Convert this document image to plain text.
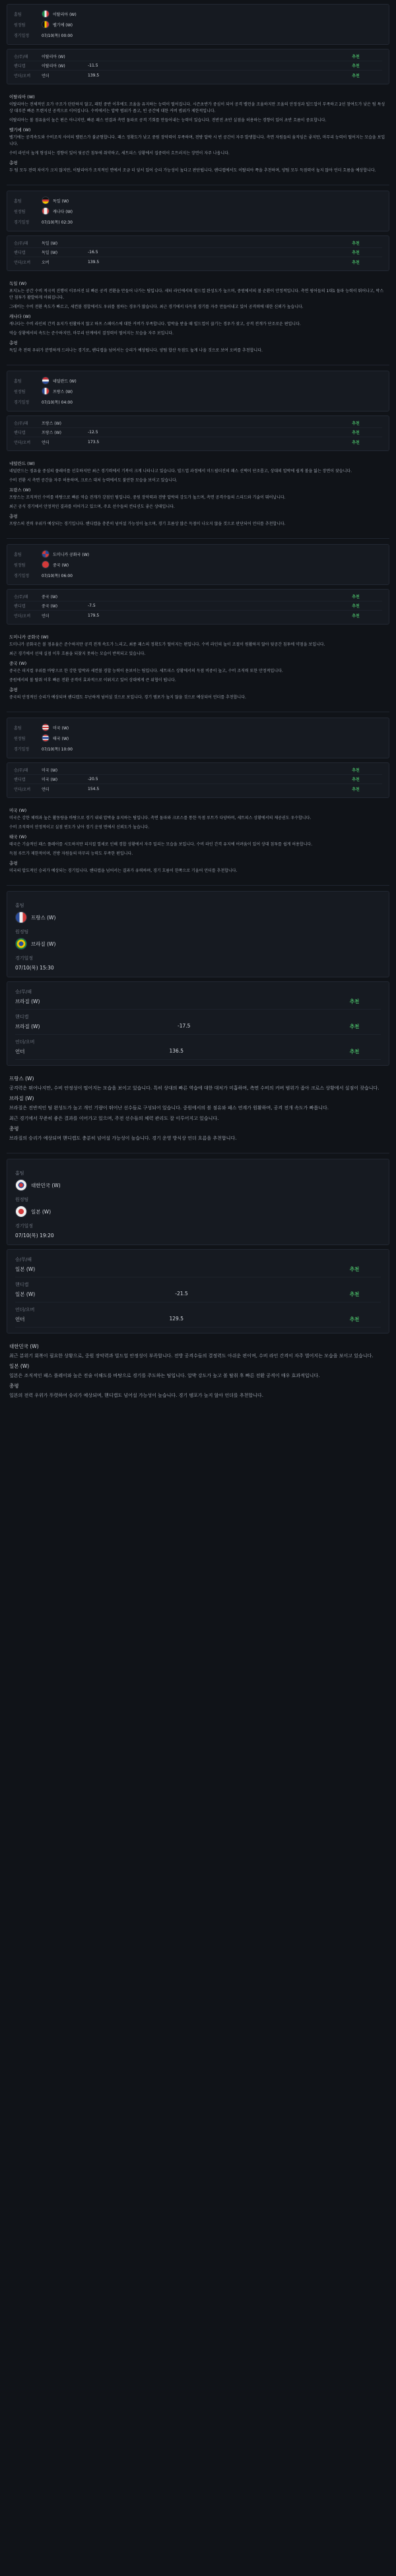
홈팀	이탈리아 (W)
원정팀	벨기에 (W)
경기일정	07/10(목) 00:00
승/무/패	이탈리아 (W)	추천
핸디캡	이탈리아 (W)	-11.5	추천
언더/오버	언더	139.5	추천
이탈리아 (W)

이탈리아는 전체적인 요가 구조가 탄탄하지 않고, 패턴 중반 이후에도 조율을 유지하는 능력이 떨어집니다. 시즌초반가 중심이 되어 공격 밸런을 조율하지만 조율의 안정성과 빌드업이 부족하고 2선 참여도가 낮은 팀 특성상 대부분 빠른 트랜지션 공격으로 이어집니다. 수비에서는 압박 범위가 좁고, 빈 공간에 대한 커버 범위가 제한적입니다.

이탈리아는 볼 점유율이 높은 편은 아니지만, 빠른 패스 연결과 측면 돌파로 공격 기회를 만들어내는 능력이 있습니다. 전반전 초반 실점을 허용하는 경향이 있어 초반 흐름이 중요합니다.

벨기에 (W)

벨기에는 공격속도와 수비조직 사이의 밸런스가 불균형합니다. 패스 정확도가 낮고 중원 장악력이 부족하며, 전방 압박 시 빈 공간이 자주 발생합니다. 측면 자원들의 움직임은 좋지만, 마무리 능력이 떨어지는 모습을 보입니다.

수비 라인이 높게 형성되는 경향이 있어 뒷공간 침투에 취약하고, 세트피스 상황에서 집중력이 흐트러지는 장면이 자주 나옵니다.

총평

두 팀 모두 전력 차이가 크지 않지만, 이탈리아가 조직적인 면에서 조금 더 앞서 있어 승리 가능성이 높다고 판단됩니다. 핸디캡에서도 이탈리아 쪽을 추천하며, 양팀 모두 득점력이 높지 않아 언더 흐름을 예상합니다.

홈팀	독일 (W)
원정팀	캐나다 (W)
경기일정	07/10(목) 02:30
승/무/패	독일 (W)	추천
핸디캡	독일 (W)	-16.5	추천
언더/오버	오버	139.5	추천
독일 (W)

포지노는 공간 수비 적극적 진행이 이루어진 뒤 빠른 공격 전환을 만들어 나가는 팀입니다. 세터 라인에서의 빌드업 완성도가 높으며, 중원에서의 볼 순환이 안정적입니다. 측면 윙어들의 1대1 돌파 능력이 뛰어나고, 박스 안 침투가 활발하게 이뤄집니다.

그래비는 수비 전환 속도가 빠르고, 세컨볼 경합에서도 우위를 점하는 경우가 많습니다. 최근 경기에서 다득점 경기를 자주 만들어내고 있어 공격력에 대한 신뢰가 높습니다.

캐나다 (W)

캐나다는 수비 라인의 간격 유지가 원활하지 않고 하프 스페이스에 대한 커버가 부족합니다. 압박을 받을 때 빌드업이 끊기는 경우가 잦고, 공격 전개가 단조로운 편입니다.

역습 상황에서의 속도는 준수하지만, 마무리 단계에서 결정력이 떨어지는 모습을 자주 보입니다.

총평

독일 측 전력 우위가 분명하게 드러나는 경기로, 핸디캡을 넘어서는 승리가 예상됩니다. 양팀 합산 득점도 높게 나올 것으로 보여 오버를 추천합니다.

홈팀	네덜란드 (W)
원정팀	프랑스 (W)
경기일정	07/10(목) 04:00
승/무/패	프랑스 (W)	추천
핸디캡	프랑스 (W)	-12.5	추천
언더/오버	언더	173.5	추천
네덜란드 (W)

네덜란드는 점유율 중심의 플레이를 선호하지만 최근 경기력에서 기복이 크게 나타나고 있습니다. 빌드업 과정에서 미드필더진의 패스 선택이 단조롭고, 상대의 압박에 쉽게 볼을 잃는 장면이 잦습니다.

수비 전환 시 측면 공간을 자주 허용하며, 크로스 대처 능력에서도 불안한 모습을 보이고 있습니다.

프랑스 (W)

프랑스는 조직적인 수비를 바탕으로 빠른 역습 전개가 강점인 팀입니다. 중원 장악력과 전방 압박의 강도가 높으며, 측면 공격수들의 스피드와 기술이 뛰어납니다.

최근 공식 경기에서 안정적인 결과를 이어가고 있으며, 주요 선수들의 컨디션도 좋은 상태입니다.

총평

프랑스의 전력 우위가 예상되는 경기입니다. 핸디캡을 충분히 넘어설 가능성이 높으며, 경기 흐름상 많은 득점이 나오지 않을 것으로 판단되어 언더를 추천합니다.

홈팀	도미니카 공화국 (W)
원정팀	중국 (W)
경기일정	07/10(목) 06:00
승/무/패	중국 (W)	추천
핸디캡	중국 (W)	-7.5	추천
언더/오버	언더	179.5	추천
도미니카 공화국 (W)

도미니카 공화국은 볼 점유율은 준수하지만 공격 전개 속도가 느리고, 최종 패스의 정확도가 떨어지는 편입니다. 수비 라인의 높이 조절이 원활하지 않아 뒷공간 침투에 약점을 보입니다.

최근 경기에서 선제 실점 이후 흐름을 되찾지 못하는 모습이 반복되고 있습니다.

중국 (W)

중국은 피지컬 우위를 바탕으로 한 강한 압박과 세컨볼 경합 능력이 돋보이는 팀입니다. 세트피스 상황에서의 득점 비중이 높고, 수비 조직력 또한 안정적입니다.

중원에서의 볼 탈취 이후 빠른 전환 공격이 효과적으로 이뤄지고 있어 상대에게 큰 위협이 됩니다.

총평

중국의 안정적인 승리가 예상되며 핸디캡도 무난하게 넘어설 것으로 보입니다. 경기 템포가 높지 않을 것으로 예상되어 언더를 추천합니다.

홈팀	미국 (W)
원정팀	태국 (W)
경기일정	07/10(목) 10:00
승/무/패	미국 (W)	추천
핸디캡	미국 (W)	-20.5	추천
언더/오버	언더	154.5	추천
미국 (W)

미국은 강한 체력과 높은 활동량을 바탕으로 경기 내내 압박을 유지하는 팀입니다. 측면 돌파와 크로스를 통한 득점 루트가 다양하며, 세트피스 상황에서의 제공권도 우수합니다.

수비 조직력이 안정적이고 실점 빈도가 낮아 경기 운영 면에서 신뢰도가 높습니다.

태국 (W)

태국은 기술적인 패스 플레이를 시도하지만 피지컬 열세로 인해 경합 상황에서 자주 밀리는 모습을 보입니다. 수비 라인 간격 유지에 어려움이 있어 상대 침투를 쉽게 허용합니다.

득점 루트가 제한적이며, 전방 자원들의 마무리 능력도 부족한 편입니다.

총평

미국의 압도적인 승리가 예상되는 경기입니다. 핸디캡을 넘어서는 결과가 유력하며, 경기 흐름이 한쪽으로 기울어 언더를 추천합니다.

홈팀
프랑스 (W)
원정팀
브라질 (W)
경기일정
07/10(목) 15:30
승/무/패
브라질 (W)	추천
핸디캡
브라질 (W)	-17.5	추천
언더/오버
언더	136.5	추천
프랑스 (W)

공격력은 뛰어나지만, 수비 안정성이 떨어지는 모습을 보이고 있습니다. 특히 상대의 빠른 역습에 대한 대처가 미흡하며, 측면 수비의 커버 범위가 좁아 크로스 상황에서 실점이 잦습니다.

브라질 (W)

브라질은 전반적인 팀 완성도가 높고 개인 기량이 뛰어난 선수들로 구성되어 있습니다. 중원에서의 볼 점유와 패스 연계가 원활하며, 공격 전개 속도가 빠릅니다.

최근 경기에서 꾸준히 좋은 결과를 이어가고 있으며, 주전 선수들의 체력 관리도 잘 이루어지고 있습니다.

총평

브라질의 승리가 예상되며 핸디캡도 충분히 넘어설 가능성이 높습니다. 경기 운영 방식상 언더 흐름을 추천합니다.

홈팀
대한민국 (W)
원정팀
일본 (W)
경기일정
07/10(목) 19:20
승/무/패
일본 (W)	추천
핸디캡
일본 (W)	-21.5	추천
언더/오버
언더	129.5	추천
대한민국 (W)

최근 분위기 회복이 필요한 상황으로, 중원 장악력과 빌드업 안정성이 부족합니다. 전방 공격수들의 결정력도 아쉬운 편이며, 수비 라인 간격이 자주 벌어지는 모습을 보이고 있습니다.

일본 (W)

일본은 조직적인 패스 플레이와 높은 전술 이해도를 바탕으로 경기를 주도하는 팀입니다. 압박 강도가 높고 볼 탈취 후 빠른 전환 공격이 매우 효과적입니다.

총평

일본의 전력 우위가 뚜렷하여 승리가 예상되며, 핸디캡도 넘어설 가능성이 높습니다. 경기 템포가 높지 않아 언더를 추천합니다.
